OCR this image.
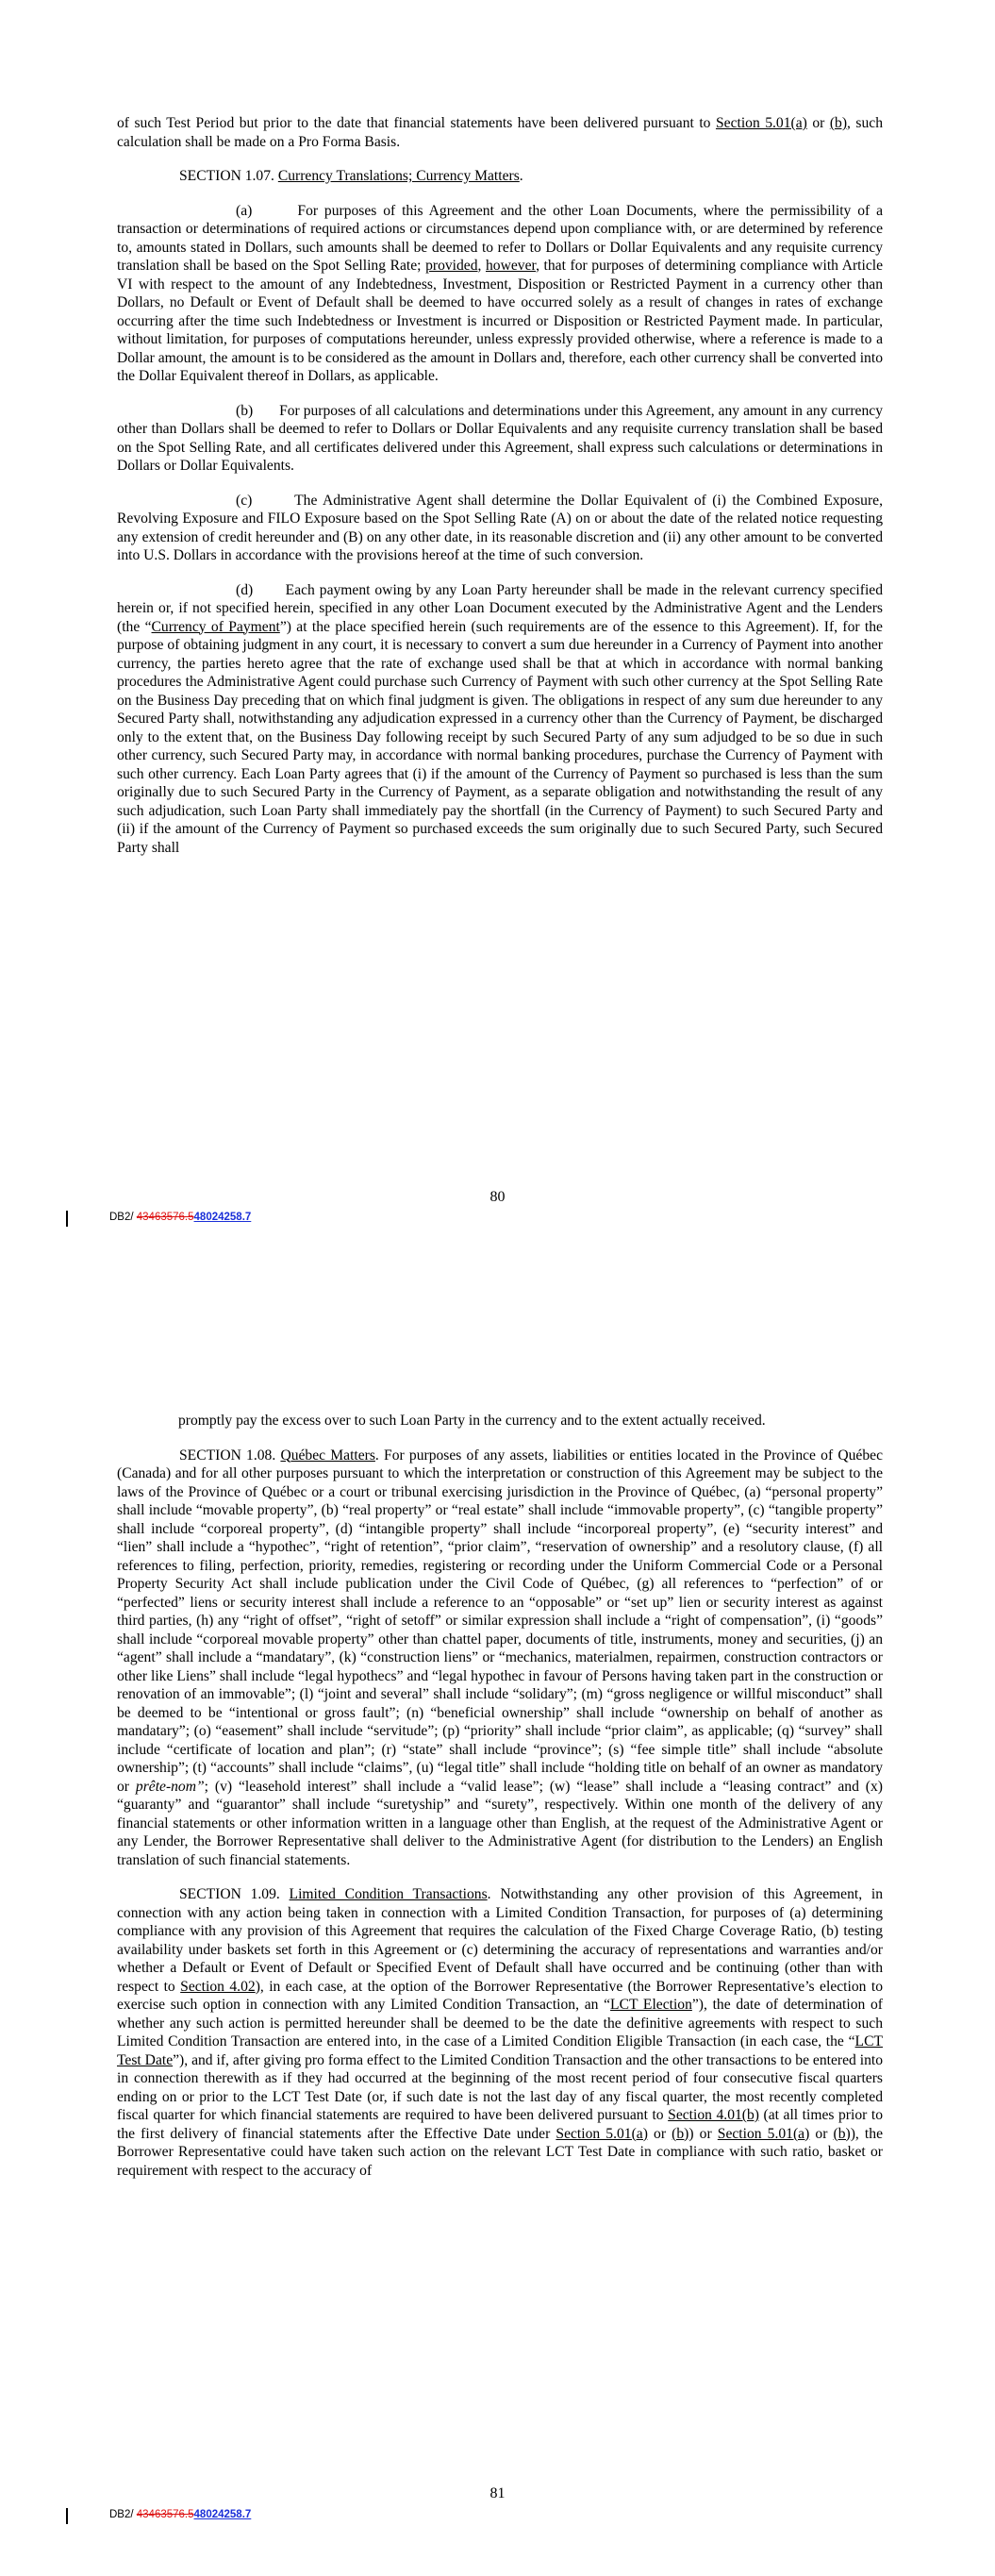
of such Test Period but prior to the date that financial statements have been delivered pursuant to Section 5.01(a) or (b), such calculation shall be made on a Pro Forma Basis.

SECTION 1.07. Currency Translations; Currency Matters.

(a)       For purposes of this Agreement and the other Loan Documents, where the permissibility of a transaction or determinations of required actions or circumstances depend upon compliance with, or are determined by reference to, amounts stated in Dollars, such amounts shall be deemed to refer to Dollars or Dollar Equivalents and any requisite currency translation shall be based on the Spot Selling Rate; provided, however, that for purposes of determining compliance with Article VI with respect to the amount of any Indebtedness, Investment, Disposition or Restricted Payment in a currency other than Dollars, no Default or Event of Default shall be deemed to have occurred solely as a result of changes in rates of exchange occurring after the time such Indebtedness or Investment is incurred or Disposition or Restricted Payment made. In particular, without limitation, for purposes of computations hereunder, unless expressly provided otherwise, where a reference is made to a Dollar amount, the amount is to be considered as the amount in Dollars and, therefore, each other currency shall be converted into the Dollar Equivalent thereof in Dollars, as applicable.

(b)       For purposes of all calculations and determinations under this Agreement, any amount in any currency other than Dollars shall be deemed to refer to Dollars or Dollar Equivalents and any requisite currency translation shall be based on the Spot Selling Rate, and all certificates delivered under this Agreement, shall express such calculations or determinations in Dollars or Dollar Equivalents.

(c)       The Administrative Agent shall determine the Dollar Equivalent of (i) the Combined Exposure, Revolving Exposure and FILO Exposure based on the Spot Selling Rate (A) on or about the date of the related notice requesting any extension of credit hereunder and (B) on any other date, in its reasonable discretion and (ii) any other amount to be converted into U.S. Dollars in accordance with the provisions hereof at the time of such conversion.

(d)       Each payment owing by any Loan Party hereunder shall be made in the relevant currency specified herein or, if not specified herein, specified in any other Loan Document executed by the Administrative Agent and the Lenders (the “Currency of Payment”) at the place specified herein (such requirements are of the essence to this Agreement). If, for the purpose of obtaining judgment in any court, it is necessary to convert a sum due hereunder in a Currency of Payment into another currency, the parties hereto agree that the rate of exchange used shall be that at which in accordance with normal banking procedures the Administrative Agent could purchase such Currency of Payment with such other currency at the Spot Selling Rate on the Business Day preceding that on which final judgment is given. The obligations in respect of any sum due hereunder to any Secured Party shall, notwithstanding any adjudication expressed in a currency other than the Currency of Payment, be discharged only to the extent that, on the Business Day following receipt by such Secured Party of any sum adjudged to be so due in such other currency, such Secured Party may, in accordance with normal banking procedures, purchase the Currency of Payment with such other currency. Each Loan Party agrees that (i) if the amount of the Currency of Payment so purchased is less than the sum originally due to such Secured Party in the Currency of Payment, as a separate obligation and notwithstanding the result of any such adjudication, such Loan Party shall immediately pay the shortfall (in the Currency of Payment) to such Secured Party and (ii) if the amount of the Currency of Payment so purchased exceeds the sum originally due to such Secured Party, such Secured Party shall

80
DB2/ 43463576.548024258.7

promptly pay the excess over to such Loan Party in the currency and to the extent actually received.

SECTION 1.08. Québec Matters. For purposes of any assets, liabilities or entities located in the Province of Québec (Canada) and for all other purposes pursuant to which the interpretation or construction of this Agreement may be subject to the laws of the Province of Québec or a court or tribunal exercising jurisdiction in the Province of Québec, (a) “personal property” shall include “movable property”, (b) “real property” or “real estate” shall include “immovable property”, (c) “tangible property” shall include “corporeal property”, (d) “intangible property” shall include “incorporeal property”, (e) “security interest” and “lien” shall include a “hypothec”, “right of retention”, “prior claim”, “reservation of ownership” and a resolutory clause, (f) all references to filing, perfection, priority, remedies, registering or recording under the Uniform Commercial Code or a Personal Property Security Act shall include publication under the Civil Code of Québec, (g) all references to “perfection” of or “perfected” liens or security interest shall include a reference to an “opposable” or “set up” lien or security interest as against third parties, (h) any “right of offset”, “right of setoff” or similar expression shall include a “right of compensation”, (i) “goods” shall include “corporeal movable property” other than chattel paper, documents of title, instruments, money and securities, (j) an “agent” shall include a “mandatary”, (k) “construction liens” or “mechanics, materialmen, repairmen, construction contractors or other like Liens” shall include “legal hypothecs” and “legal hypothec in favour of Persons having taken part in the construction or renovation of an immovable”; (l) “joint and several” shall include “solidary”; (m) “gross negligence or willful misconduct” shall be deemed to be “intentional or gross fault”; (n) “beneficial ownership” shall include “ownership on behalf of another as mandatary”; (o) “easement” shall include “servitude”; (p) “priority” shall include “prior claim”, as applicable; (q) “survey” shall include “certificate of location and plan”; (r) “state” shall include “province”; (s) “fee simple title” shall include “absolute ownership”; (t) “accounts” shall include “claims”, (u) “legal title” shall include “holding title on behalf of an owner as mandatory or prête-nom”; (v) “leasehold interest” shall include a “valid lease”; (w) “lease” shall include a “leasing contract” and (x) “guaranty” and “guarantor” shall include “suretyship” and “surety”, respectively. Within one month of the delivery of any financial statements or other information written in a language other than English, at the request of the Administrative Agent or any Lender, the Borrower Representative shall deliver to the Administrative Agent (for distribution to the Lenders) an English translation of such financial statements.

SECTION 1.09. Limited Condition Transactions. Notwithstanding any other provision of this Agreement, in connection with any action being taken in connection with a Limited Condition Transaction, for purposes of (a) determining compliance with any provision of this Agreement that requires the calculation of the Fixed Charge Coverage Ratio, (b) testing availability under baskets set forth in this Agreement or (c) determining the accuracy of representations and warranties and/or whether a Default or Event of Default or Specified Event of Default shall have occurred and be continuing (other than with respect to Section 4.02), in each case, at the option of the Borrower Representative (the Borrower Representative’s election to exercise such option in connection with any Limited Condition Transaction, an “LCT Election”), the date of determination of whether any such action is permitted hereunder shall be deemed to be the date the definitive agreements with respect to such Limited Condition Transaction are entered into, in the case of a Limited Condition Eligible Transaction (in each case, the “LCT Test Date”), and if, after giving pro forma effect to the Limited Condition Transaction and the other transactions to be entered into in connection therewith as if they had occurred at the beginning of the most recent period of four consecutive fiscal quarters ending on or prior to the LCT Test Date (or, if such date is not the last day of any fiscal quarter, the most recently completed fiscal quarter for which financial statements are required to have been delivered pursuant to Section 4.01(b) (at all times prior to the first delivery of financial statements after the Effective Date under Section 5.01(a) or (b)) or Section 5.01(a) or (b)), the Borrower Representative could have taken such action on the relevant LCT Test Date in compliance with such ratio, basket or requirement with respect to the accuracy of

81
DB2/ 43463576.548024258.7
